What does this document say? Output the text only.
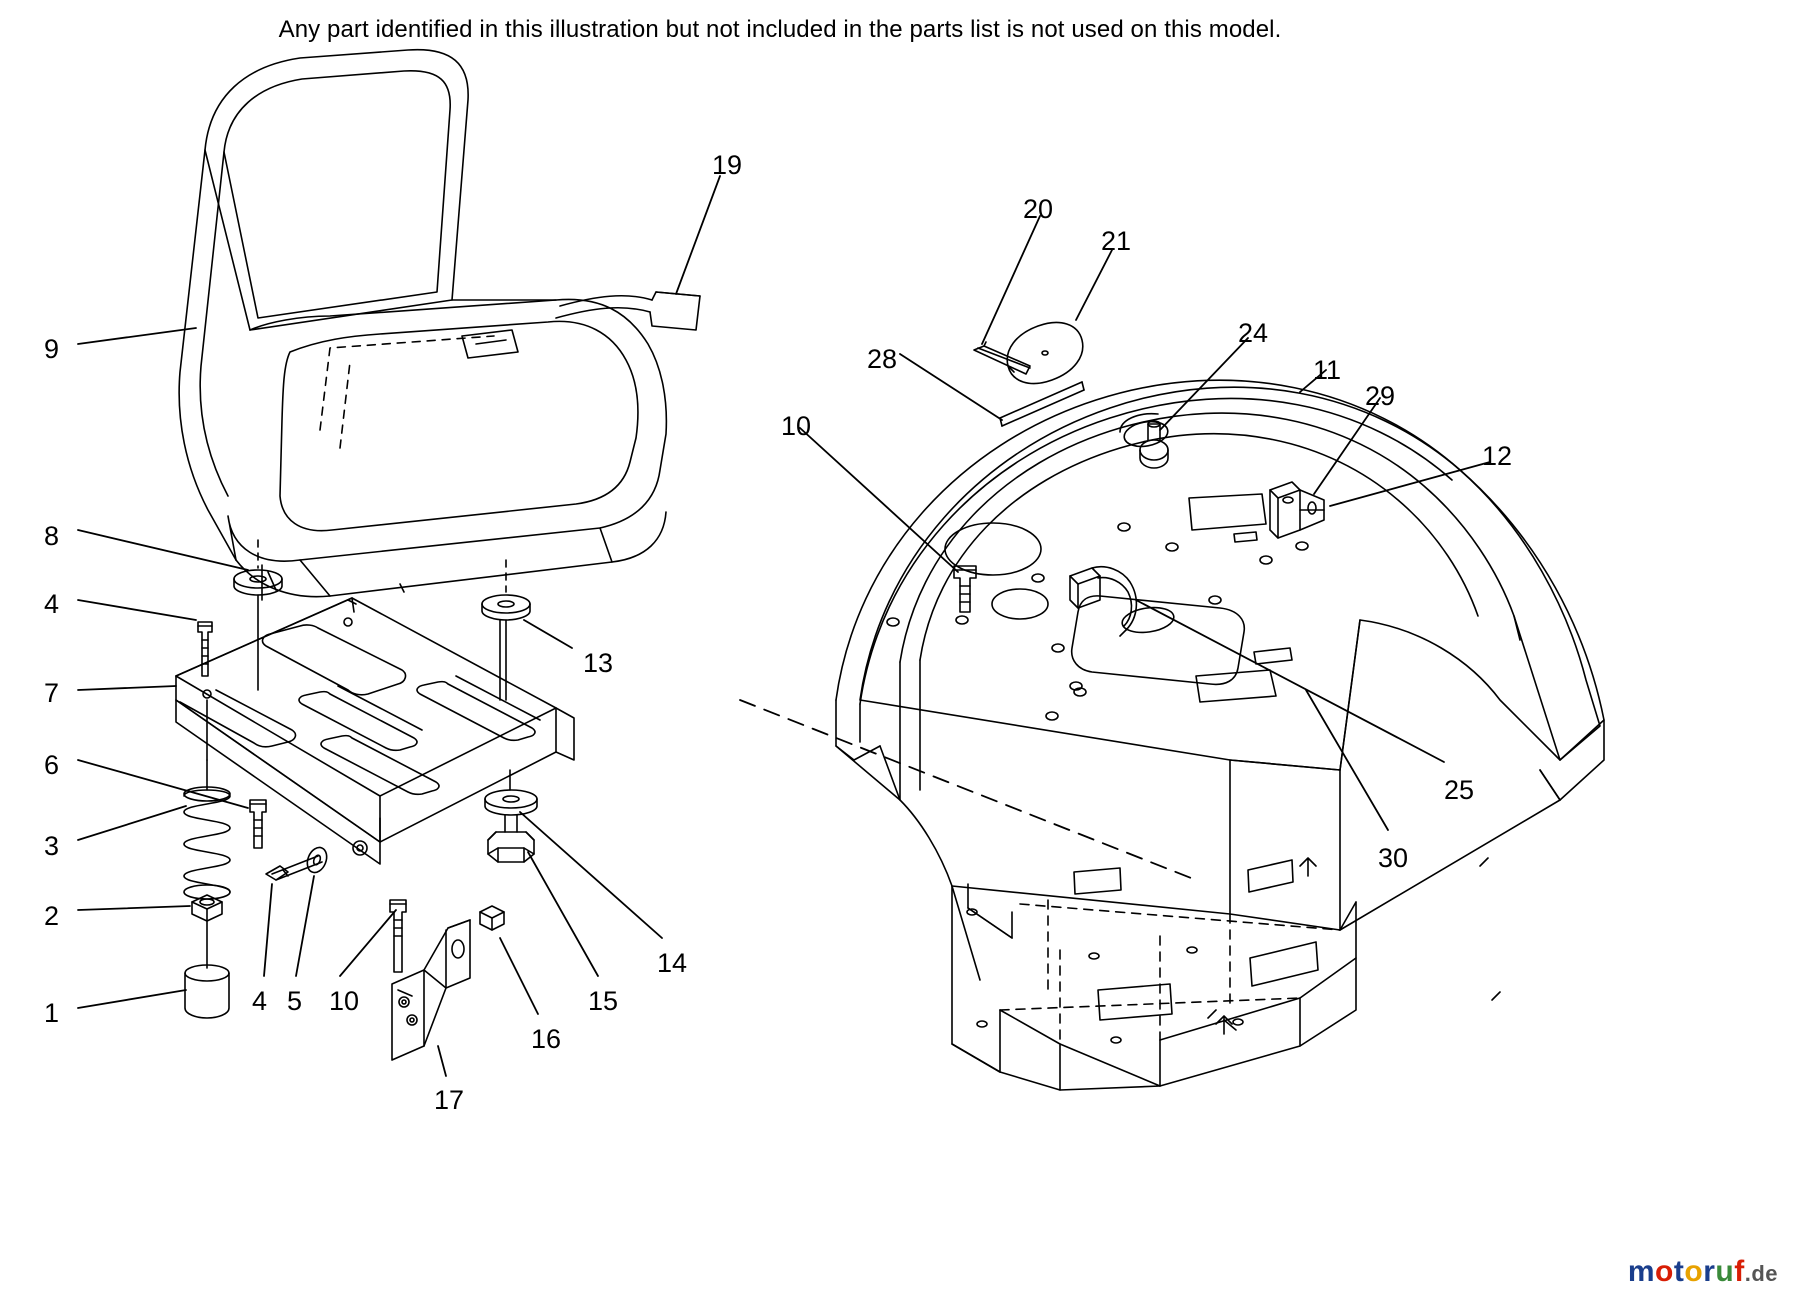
Any part identified in this illustration but not included in the parts list is not used on this model.
19
20
21
9	28
24
11
29
10
12
8
4
13
7
6
25
3	30
2
14
1	4 5 10	15
16
17
motoruf.de
